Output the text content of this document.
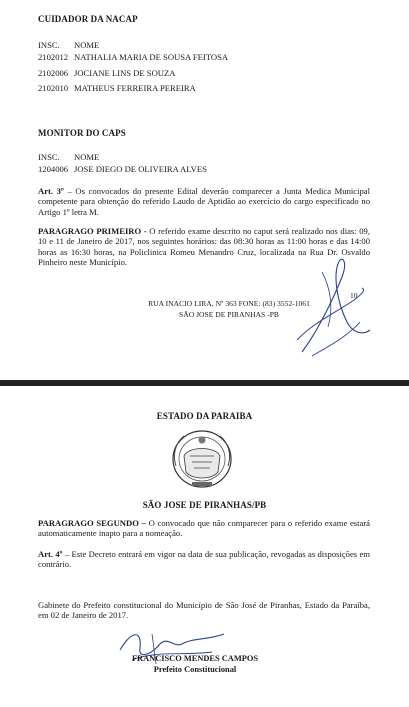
CUIDADOR DA NACAP
INSC. NOME
2102012 NATHALIA MARIA DE SOUSA FEITOSA
2102006 JOCIANE LINS DE SOUZA
2102010 MATHEUS FERREIRA PEREIRA
MONITOR DO CAPS
INSC. NOME
1204006 JOSE DIEGO DE OLIVEIRA ALVES
Art. 3º – Os convocados do presente Edital deverão comparecer a Junta Medica Municipal competente para obtenção do referido Laudo de Aptidão ao exercício do cargo especificado no Artigo 1º letra M.
PARAGRAGO PRIMEIRO - O referido exame descrito no caput será realizado nos dias: 09, 10 e 11 de Janeiro de 2017, nos seguintes horários: das 08:30 horas as 11:00 horas e das 14:00 horas as 16:30 horas, na Policlinica Romeu Menandro Cruz, localizada na Rua Dr. Osvaldo Pinheiro neste Município.
RUA INACIO LIRA, Nº 363 FONE: (83) 3552-1061
SÃO JOSE DE PIRANHAS -PB
10
ESTADO DA PARAIBA
SÃO JOSE DE PIRANHAS/PB
PARAGRAGO SEGUNDO – O convocado que não comparecer para o referido exame estará automaticamente inapto para a nomeação.
Art. 4º – Este Decreto entrará em vigor na data de sua publicação, revogadas as disposições em contrário.
Gabinete do Prefeito constitucional do Município de São José de Piranhas, Estado da Paraíba, em 02 de Janeiro de 2017.
FRANCISCO MENDES CAMPOS
Prefeito Constitucional
